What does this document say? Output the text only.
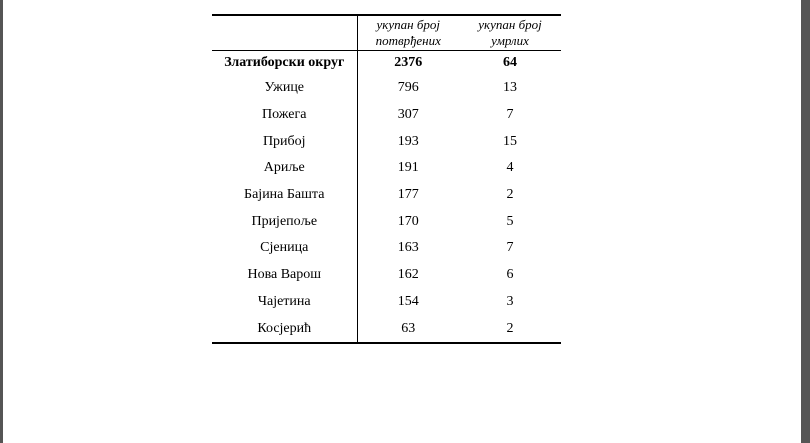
	укупан број потврђених	укупан број умрлих
Златиборски округ	2376	64
Ужице	796	13
Пожега	307	7
Прибој	193	15
Ариље	191	4
Бајина Башта	177	2
Пријепоље	170	5
Сјеница	163	7
Нова Варош	162	6
Чајетина	154	3
Косјерић	63	2
